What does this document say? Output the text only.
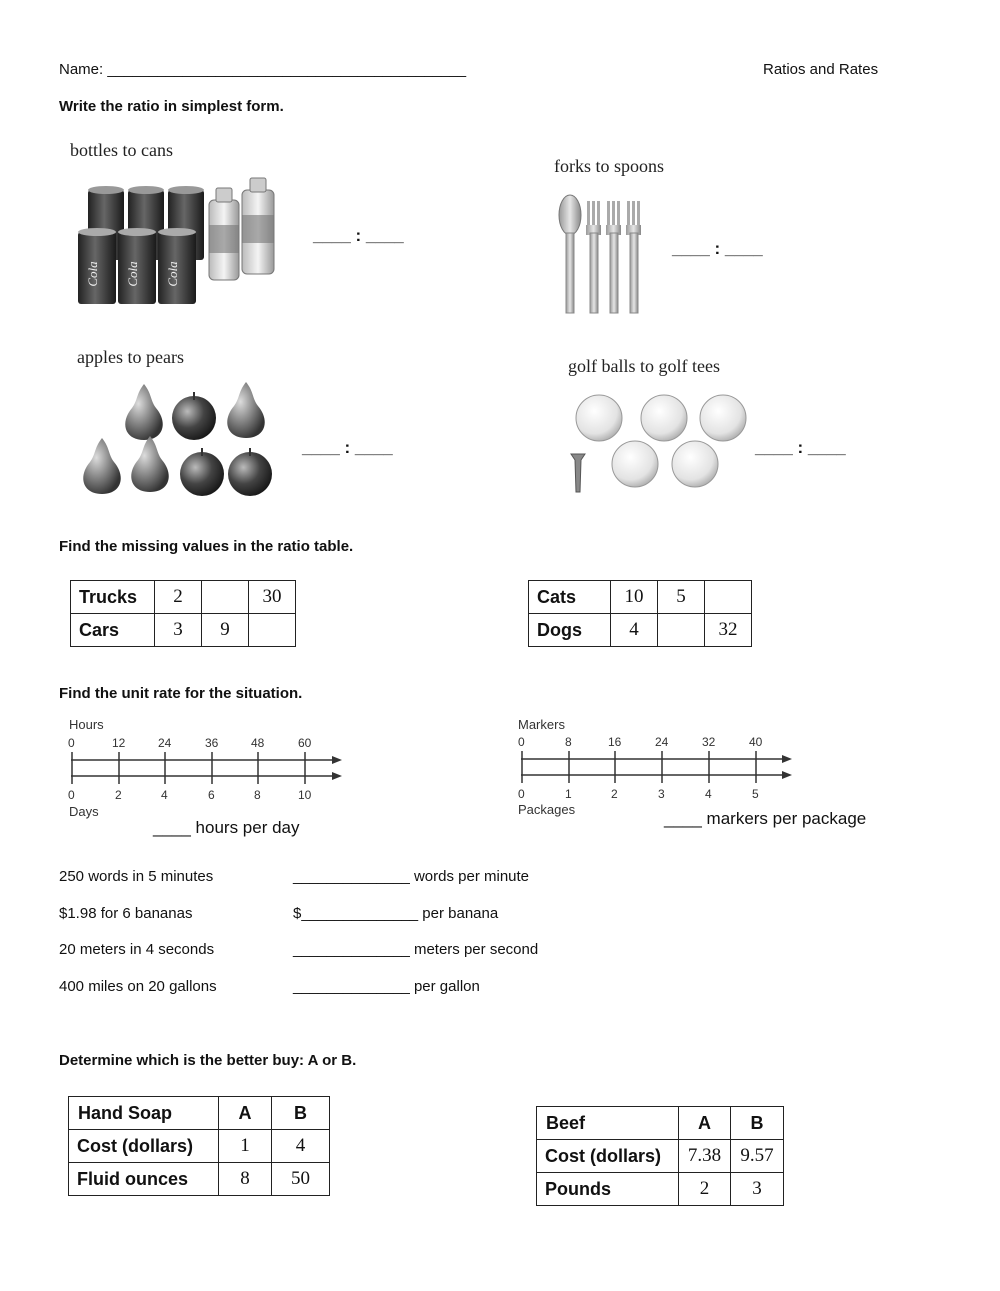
Name: ___________________________________________	Ratios and Rates
Write the ratio in simplest form.
bottles to cans
forks to spoons
apples to pears	golf balls to golf tees
Cola Cola Cola
____ : ____
____ : ____
____ : ____	____ : ____
Find the missing values in the ratio table.
Trucks	2		30
Cars	3	9	
Cats	10	5	
Dogs	4		32
Find the unit rate for the situation.
Hours
Days
0	12	24	36	48	60
0	2	4	6	8	10
____ hours per day
Markers
Packages
0	8	16	24	32	40
0	1	2	3	4	5
____ markers per package
250 words in 5 minutes	______________ words per minute
$1.98 for 6 bananas	$______________ per banana
20 meters in 4 seconds	______________ meters per second
400 miles on 20 gallons	______________ per gallon
Determine which is the better buy: A or B.
Hand Soap	A	B
Cost (dollars)	1	4
Fluid ounces	8	50
Beef	A	B
Cost (dollars)	7.38	9.57
Pounds	2	3
